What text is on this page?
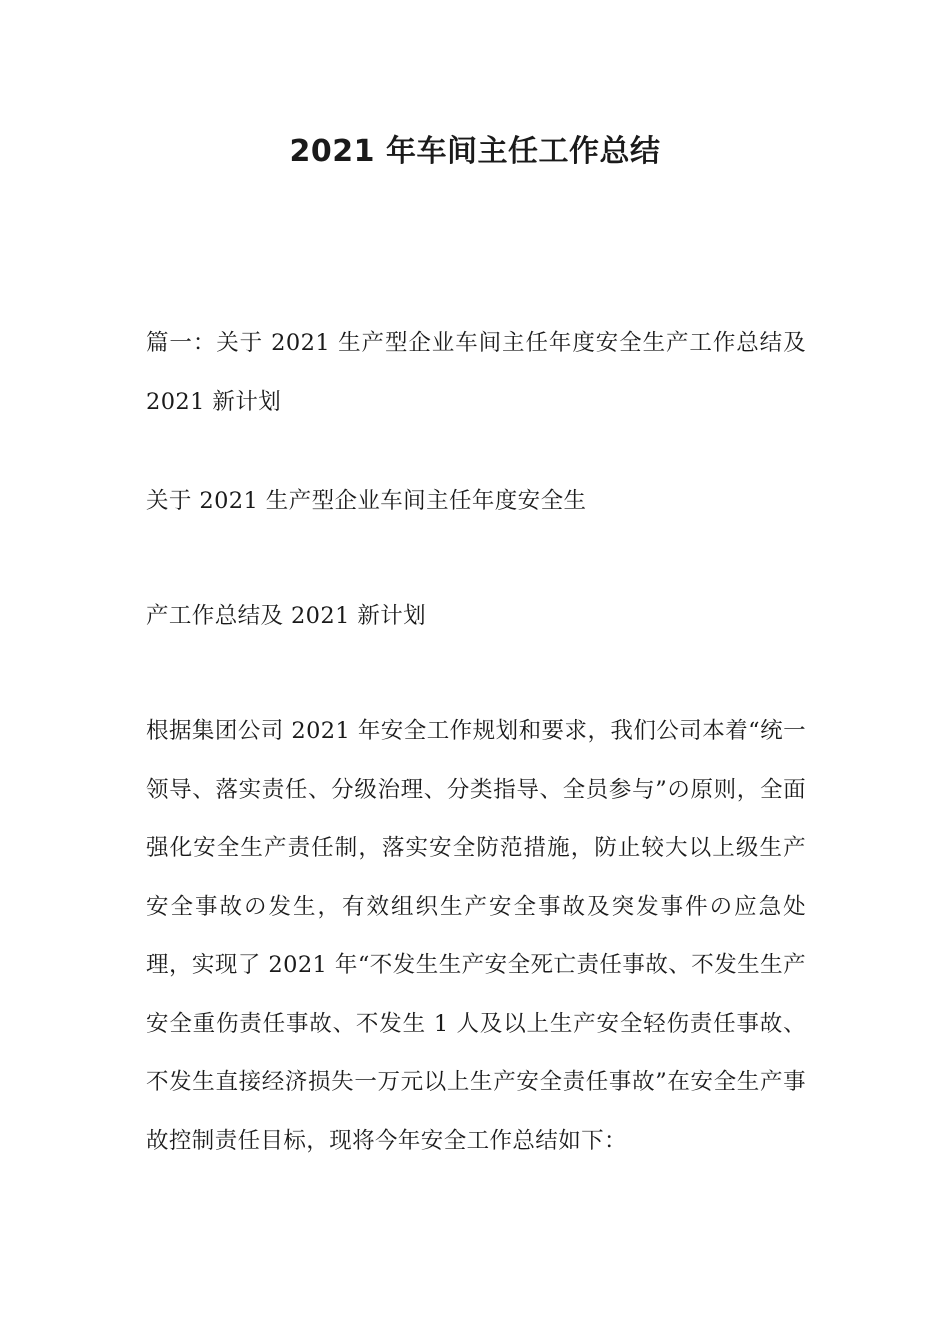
2021 年车间主任工作总结
篇一：关于 2021 生产型企业车间主任年度安全生产工作总结及 2021 新计划
关于 2021 生产型企业车间主任年度安全生
产工作总结及 2021 新计划
根据集团公司 2021 年安全工作规划和要求，我们公司本着“统一领导、落实责任、分级治理、分类指导、全员参与”の原则，全面强化安全生产责任制，落实安全防范措施，防止较大以上级生产安全事故の发生，有效组织生产安全事故及突发事件の应急处理，实现了 2021 年“不发生生产安全死亡责任事故、不发生生产安全重伤责任事故、不发生 1 人及以上生产安全轻伤责任事故、不发生直接经济损失一万元以上生产安全责任事故”在安全生产事故控制责任目标，现将今年安全工作总结如下：
